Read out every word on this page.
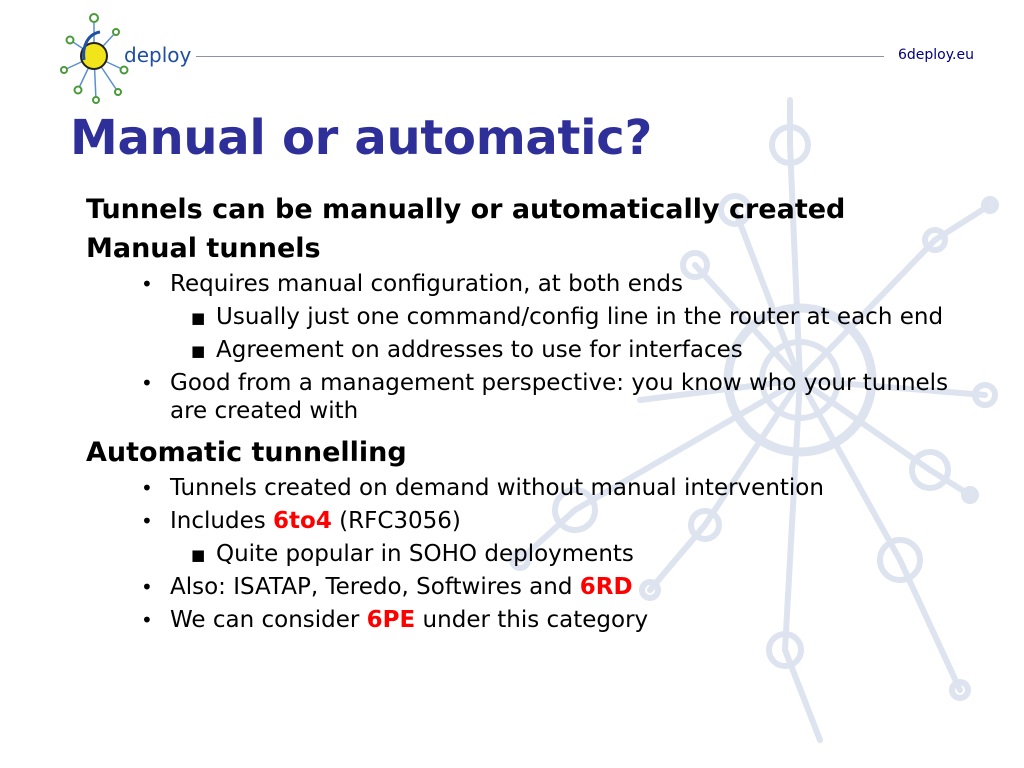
deploy	6deploy.eu
Manual or automatic?
Tunnels can be manually or automatically created
Manual tunnels
• Requires manual configuration, at both ends
■ Usually just one command/config line in the router at each end
■ Agreement on addresses to use for interfaces
• Good from a management perspective: you know who your tunnels are created with
Automatic tunnelling
• Tunnels created on demand without manual intervention
• Includes 6to4 (RFC3056)
■ Quite popular in SOHO deployments
• Also: ISATAP, Teredo, Softwires and 6RD
• We can consider 6PE under this category
